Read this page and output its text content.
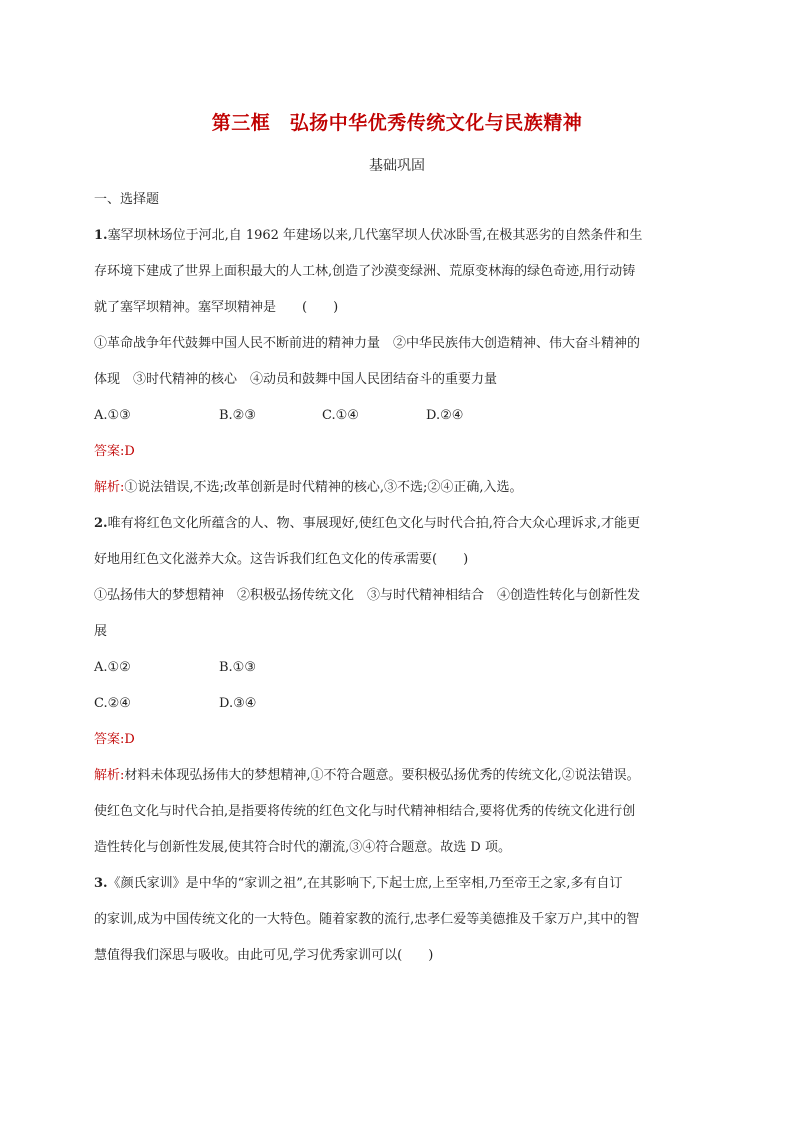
第三框　弘扬中华优秀传统文化与民族精神
基础巩固
一、选择题
1.塞罕坝林场位于河北,自 1962 年建场以来,几代塞罕坝人伏冰卧雪,在极其恶劣的自然条件和生
存环境下建成了世界上面积最大的人工林,创造了沙漠变绿洲、荒原变林海的绿色奇迹,用行动铸
就了塞罕坝精神。塞罕坝精神是　　(　　)
①革命战争年代鼓舞中国人民不断前进的精神力量　②中华民族伟大创造精神、伟大奋斗精神的
体现　③时代精神的核心　④动员和鼓舞中国人民团结奋斗的重要力量
A.①③	B.②③	C.①④	D.②④
答案:D
解析:①说法错误,不选;改革创新是时代精神的核心,③不选;②④正确,入选。
2.唯有将红色文化所蕴含的人、物、事展现好,使红色文化与时代合拍,符合大众心理诉求,才能更
好地用红色文化滋养大众。这告诉我们红色文化的传承需要(　　)
①弘扬伟大的梦想精神　②积极弘扬传统文化　③与时代精神相结合　④创造性转化与创新性发
展
A.①②	B.①③
C.②④	D.③④
答案:D
解析:材料未体现弘扬伟大的梦想精神,①不符合题意。要积极弘扬优秀的传统文化,②说法错误。
使红色文化与时代合拍,是指要将传统的红色文化与时代精神相结合,要将优秀的传统文化进行创
造性转化与创新性发展,使其符合时代的潮流,③④符合题意。故选 D 项。
3.《颜氏家训》是中华的“家训之祖”,在其影响下,下起士庶,上至宰相,乃至帝王之家,多有自订
的家训,成为中国传统文化的一大特色。随着家教的流行,忠孝仁爱等美德推及千家万户,其中的智
慧值得我们深思与吸收。由此可见,学习优秀家训可以(　　)
